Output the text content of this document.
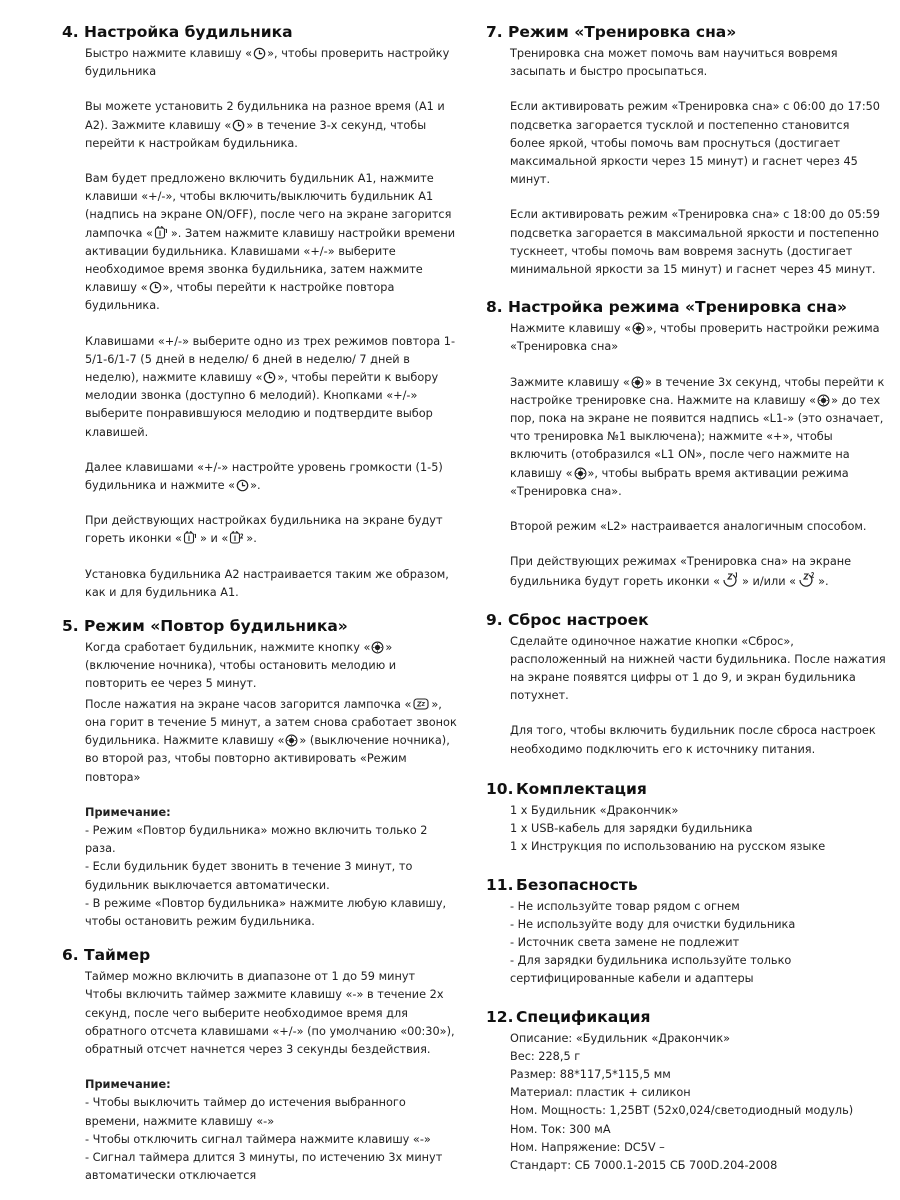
4. Настройка будильника

Быстро нажмите клавишу « », чтобы проверить настройку будильника

Вы можете установить 2 будильника на разное время (А1 и А2). Зажмите клавишу « » в течение 3-х секунд, чтобы перейти к настройкам будильника.

Вам будет предложено включить будильник А1, нажмите клавиши «+/-», чтобы включить/выключить будильник А1 (надпись на экране ON/OFF), после чего на экране загорится лампочка « ». Затем нажмите клавишу настройки времени активации будильника. Клавишами «+/-» выберите необходимое время звонка будильника, затем нажмите клавишу « », чтобы перейти к настройке повтора будильника.

Клавишами «+/-» выберите одно из трех режимов повтора 1-5/1-6/1-7 (5 дней в неделю/ 6 дней в неделю/ 7 дней в неделю), нажмите клавишу « », чтобы перейти к выбору мелодии звонка (доступно 6 мелодий). Кнопками «+/-» выберите понравившуюся мелодию и подтвердите выбор клавишей.

Далее клавишами «+/-» настройте уровень громкости (1-5) будильника и нажмите « ».

При действующих настройках будильника на экране будут гореть иконки « » и « ».

Установка будильника А2 настраивается таким же образом, как и для будильника А1.

5. Режим «Повтор будильника»

Когда сработает будильник, нажмите кнопку « » (включение ночника), чтобы остановить мелодию и повторить ее через 5 минут.

После нажатия на экране часов загорится лампочка « », она горит в течение 5 минут, а затем снова сработает звонок будильника. Нажмите клавишу « » (выключение ночника), во второй раз, чтобы повторно активировать «Режим повтора»

Примечание:
- Режим «Повтор будильника» можно включить только 2 раза.
- Если будильник будет звонить в течение 3 минут, то будильник выключается автоматически.
- В режиме «Повтор будильника» нажмите любую клавишу, чтобы остановить режим будильника.
6. Таймер
Таймер можно включить в диапазоне от 1 до 59 минут
Чтобы включить таймер зажмите клавишу «-» в течение 2х секунд, после чего выберите необходимое время для обратного отсчета клавишами «+/-» (по умолчанию «00:30»), обратный отсчет начнется через 3 секунды бездействия.
Примечание:
- Чтобы выключить таймер до истечения выбранного времени, нажмите клавишу «-»
- Чтобы отключить сигнал таймера нажмите клавишу «-»
- Сигнал таймера длится 3 минуты, по истечению 3х минут автоматически отключается
7. Режим «Тренировка сна»

Тренировка сна может помочь вам научиться вовремя засыпать и быстро просыпаться.

Если активировать режим «Тренировка сна» с 06:00 до 17:50 подсветка загорается тусклой и постепенно становится более яркой, чтобы помочь вам проснуться (достигает максимальной яркости через 15 минут) и гаснет через 45 минут.

Если активировать режим «Тренировка сна» с 18:00 до 05:59 подсветка загорается в максимальной яркости и постепенно тускнеет, чтобы помочь вам вовремя заснуть (достигает минимальной яркости за 15 минут) и гаснет через 45 минут.

8. Настройка режима «Тренировка сна»

Нажмите клавишу « », чтобы проверить настройки режима «Тренировка сна»

Зажмите клавишу « » в течение 3х секунд, чтобы перейти к настройке тренировке сна. Нажмите на клавишу « » до тех пор, пока на экране не появится надпись «L1-» (это означает, что тренировка №1 выключена); нажмите «+», чтобы включить (отобразился «L1 ON», после чего нажмите на клавишу « », чтобы выбрать время активации режима «Тренировка сна».

Второй режим «L2» настраивается аналогичным способом.

При действующих режимах «Тренировка сна» на экране будильника будут гореть иконки « » и/или « ».

9. Сброс настроек

Сделайте одиночное нажатие кнопки «Сброс», расположенный на нижней части будильника. После нажатия на экране появятся цифры от 1 до 9, и экран будильника потухнет.

Для того, чтобы включить будильник после сброса настроек необходимо подключить его к источнику питания.

10. Комплектация
1 х Будильник «Дракончик»
1 х USB-кабель для зарядки будильника
1 х Инструкция по использованию на русском языке
11. Безопасность
- Не используйте товар рядом с огнем
- Не используйте воду для очистки будильника
- Источник света замене не подлежит
- Для зарядки будильника используйте только сертифицированные кабели и адаптеры
12. Спецификация
Описание: «Будильник «Дракончик»
Вес: 228,5 г
Размер: 88*117,5*115,5 мм
Материал: пластик + силикон
Ном. Мощность: 1,25ВТ (52х0,024/светодиодный модуль)
Ном. Ток: 300 мА
Ном. Напряжение: DC5V –
Стандарт: СБ 7000.1-2015 СБ 700D.204-2008
